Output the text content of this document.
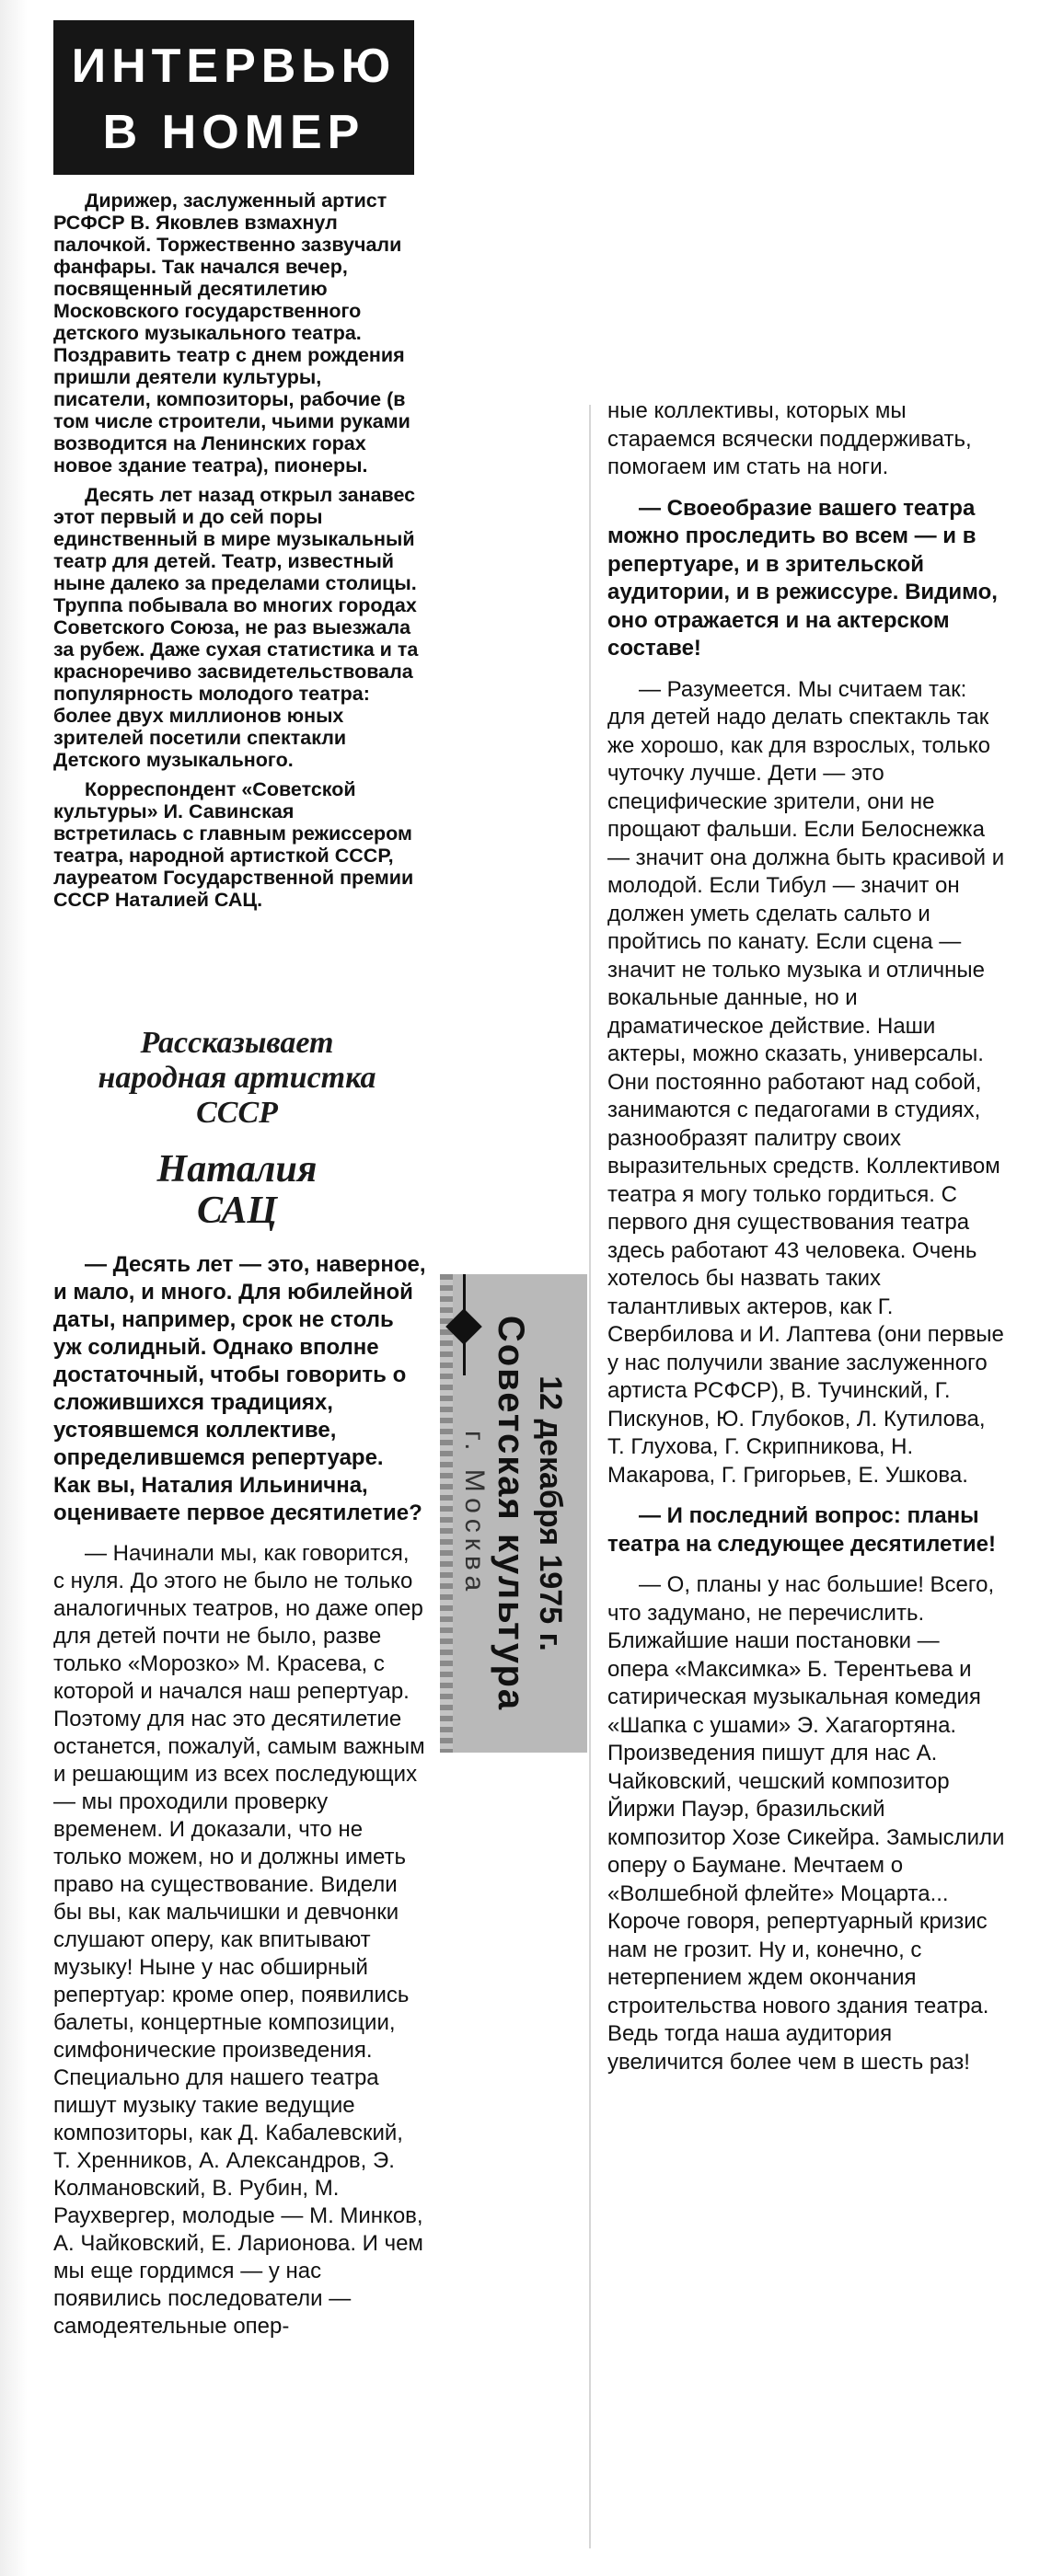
ИНТЕРВЬЮ
В НОМЕР

Дирижер, заслуженный артист РСФСР В. Яковлев взмахнул палочкой. Торжественно зазвучали фанфары. Так начался вечер, посвященный десятилетию Московского государственного детского музыкального театра. Поздравить театр с днем рождения пришли деятели культуры, писатели, композиторы, рабочие (в том числе строители, чьими руками возводится на Ленинских горах новое здание театра), пионеры.

Десять лет назад открыл занавес этот первый и до сей поры единственный в мире музыкальный театр для детей. Театр, известный ныне далеко за пределами столицы. Труппа побывала во многих городах Советского Союза, не раз выезжала за рубеж. Даже сухая статистика и та красноречиво засвидетельствовала популярность молодого театра: более двух миллионов юных зрителей посетили спектакли Детского музыкального.

Корреспондент «Советской культуры» И. Савинская встретилась с главным режиссером театра, народной артисткой СССР, лауреатом Государственной премии СССР Наталией САЦ.

Рассказывает
народная артистка
СССР
Наталия
САЦ

— Десять лет — это, наверное, и мало, и много. Для юбилейной даты, например, срок не столь уж солидный. Однако вполне достаточный, чтобы говорить о сложившихся традициях, устоявшемся коллективе, определившемся репертуаре. Как вы, Наталия Ильинична, оцениваете первое десятилетие?

— Начинали мы, как говорится, с нуля. До этого не было не только аналогичных театров, но даже опер для детей почти не было, разве только «Морозко» М. Красева, с которой и начался наш репертуар. Поэтому для нас это десятилетие останется, пожалуй, самым важным и решающим из всех последующих — мы проходили проверку временем. И доказали, что не только можем, но и должны иметь право на существование. Видели бы вы, как мальчишки и девчонки слушают оперу, как впитывают музыку! Ныне у нас обширный репертуар: кроме опер, появились балеты, концертные композиции, симфонические произведения. Специально для нашего театра пишут музыку такие ведущие композиторы, как Д. Кабалевский, Т. Хренников, А. Александров, Э. Колмановский, В. Рубин, М. Раухвергер, молодые — М. Минков, А. Чайковский, Е. Ларионова. И чем мы еще гордимся — у нас появились последователи — самодеятельные опер-

12 декабря 1975 г.
Советская культура
г. Москва

ные коллективы, которых мы стараемся всячески поддерживать, помогаем им стать на ноги.

— Своеобразие вашего театра можно проследить во всем — и в репертуаре, и в зрительской аудитории, и в режиссуре. Видимо, оно отражается и на актерском составе!

— Разумеется. Мы считаем так: для детей надо делать спектакль так же хорошо, как для взрослых, только чуточку лучше. Дети — это специфические зрители, они не прощают фальши. Если Белоснежка — значит она должна быть красивой и молодой. Если Тибул — значит он должен уметь сделать сальто и пройтись по канату. Если сцена — значит не только музыка и отличные вокальные данные, но и драматическое действие. Наши актеры, можно сказать, универсалы. Они постоянно работают над собой, занимаются с педагогами в студиях, разнообразят палитру своих выразительных средств. Коллективом театра я могу только гордиться. С первого дня существования театра здесь работают 43 человека. Очень хотелось бы назвать таких талантливых актеров, как Г. Свербилова и И. Лаптева (они первые у нас получили звание заслуженного артиста РСФСР), В. Тучинский, Г. Пискунов, Ю. Глубоков, Л. Кутилова, Т. Глухова, Г. Скрипникова, Н. Макарова, Г. Григорьев, Е. Ушкова.

— И последний вопрос: планы театра на следующее десятилетие!

— О, планы у нас большие! Всего, что задумано, не перечислить. Ближайшие наши постановки — опера «Максимка» Б. Терентьева и сатирическая музыкальная комедия «Шапка с ушами» Э. Хагагортяна. Произведения пишут для нас А. Чайковский, чешский композитор Йиржи Пауэр, бразильский композитор Хозе Сикейра. Замыслили оперу о Баумане. Мечтаем о «Волшебной флейте» Моцарта... Короче говоря, репертуарный кризис нам не грозит. Ну и, конечно, с нетерпением ждем окончания строительства нового здания театра. Ведь тогда наша аудитория увеличится более чем в шесть раз!
